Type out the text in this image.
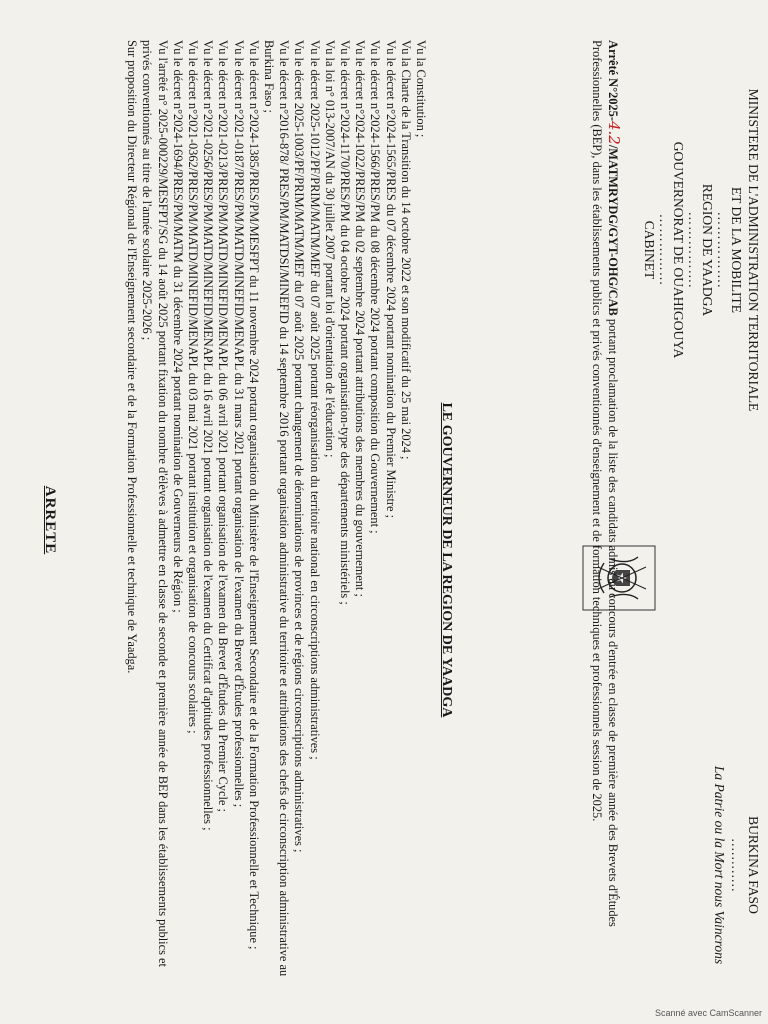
MINISTERE DE L'ADMINISTRATION TERRITORIALE
ET DE LA MOBILITE
…………….
REGION DE YAADGA
…………….
GOUVERNORAT DE OUAHIGOUYA
……………
CABINET
BURKINA FASO
…………
La Patrie ou la Mort nous Vaincrons
Arrêté N°2025-4.2/MATMRYDG/GYT-OHG/CAB portant proclamation de la liste des candidats admis au concours d'entrée en classe de première année des Brevets d'Études Professionnelles (BEP), dans les établissements publics et privés conventionnés d'enseignement et de formation techniques et professionnels session de 2025.
LE GOUVERNEUR DE LA REGION DE YAADGA
Vu la Constitution ;
Vu la Charte de la Transition du 14 octobre 2022 et son modificatif du 25 mai 2024 ;
Vu le décret n°2024-1565/PRES du 07 décembre 2024 portant nomination du Premier Ministre ;
Vu le décret n°2024-1566/PRES/PM du 08 décembre 2024 portant composition du Gouvernement ;
Vu le décret n°2024-1022/PRES/PM du 02 septembre 2024 portant attributions des membres du gouvernement ;
Vu le décret n°2024-1170/PRES/PM du 04 octobre 2024 portant organisation-type des départements ministériels ;
Vu la loi n° 013-2007/AN du 30 juillet 2007 portant loi d'orientation de l'éducation ;
Vu le décret 2025-1012/PF/PRIM/MATM/MEF du 07 août 2025 portant réorganisation du territoire national en circonscriptions administratives ;
Vu le décret 2025-1003/PF/PRIM/MATM/MEF du 07 août 2025 portant changement de dénominations de provinces et de régions circonscriptions administratives ;
Vu le décret n°2016-878/ PRES/PM/MATDSI/MINEFID du 14 septembre 2016 portant organisation administrative du territoire et attributions des chefs de circonscription administrative au Burkina Faso ;
Vu le décret n°2024-1385/PRES/PM/MESFPT du 11 novembre 2024 portant organisation du Ministère de l'Enseignement Secondaire et de la Formation Professionnelle et Technique ;
Vu le décret n°2021-0187/PRES/PM/MATD/MINEFID/MENAPL du 31 mars 2021 portant organisation de l'examen du Brevet d'Études professionnelles ;
Vu le décret n°2021-0213/PRES/PM/MATD/MINEFID/MENAPL du 06 avril 2021 portant organisation de l'examen du Brevet d'Études du Premier Cycle ;
Vu le décret n°2021-0256/PRES/PM/MATD/MINEFID/MENAPL du 16 avril 2021 portant organisation de l'examen du Certificat d'aptitudes professionnelles ;
Vu le décret n°2021-0362/PRES/PM/MATD/MINEFID/MENAPL du 03 mai 2021 portant institution et organisation de concours scolaires ;
Vu le décret n°2024-1694/PRES/PM/MATM du 31 décembre 2024 portant nomination de Gouverneurs de Région ;
Vu l'arrêté n° 2025-000229/MESFPT/SG du 14 août 2025 portant fixation du nombre d'élèves à admettre en classe de seconde et première année de BEP dans les établissements publics et privés conventionnés au titre de l'année scolaire 2025-2026 ;
Sur proposition du Directeur Régional de l'Enseignement secondaire et de la Formation Professionnelle et technique de Yaadga.
ARRETE
Scanné avec CamScanner
